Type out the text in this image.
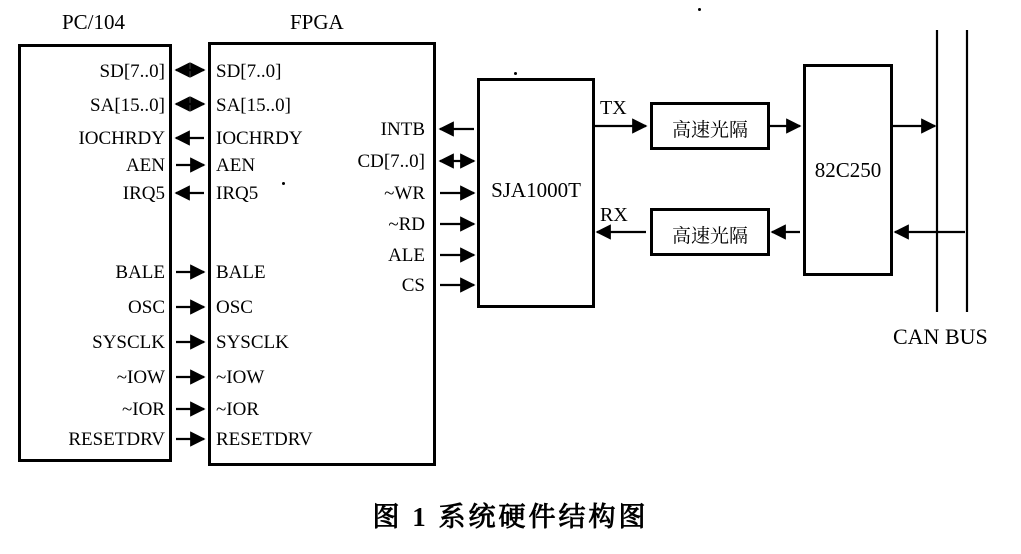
PC/104	FPGA
SJA1000T
高速光隔
高速光隔
82C250
SD[7..0]
SA[15..0]
IOCHRDY
AEN
IRQ5
BALE
OSC
SYSCLK
~IOW
~IOR
RESETDRV
SD[7..0]
SA[15..0]
IOCHRDY
AEN
IRQ5
BALE
OSC
SYSCLK
~IOW
~IOR
RESETDRV
INTB
CD[7..0]
~WR
~RD
ALE
CS
TX
RX
CAN BUS
图 1 系统硬件结构图
